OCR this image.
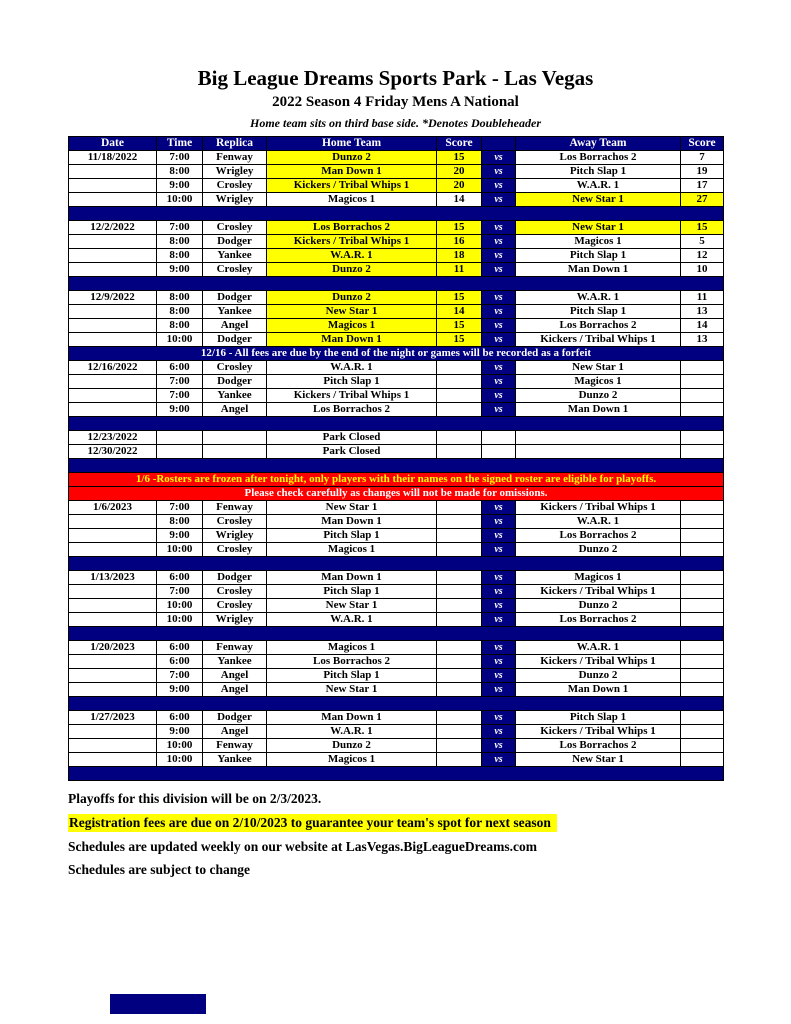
Big League Dreams Sports Park - Las Vegas
2022 Season 4 Friday Mens A National
Home team sits on third base side. *Denotes Doubleheader
Date	Time	Replica	Home Team	Score		Away Team	Score
11/18/2022	7:00	Fenway	Dunzo 2	15	vs	Los Borrachos 2	7
	8:00	Wrigley	Man Down 1	20	vs	Pitch Slap 1	19
	9:00	Crosley	Kickers / Tribal Whips 1	20	vs	W.A.R. 1	17
	10:00	Wrigley	Magicos 1	14	vs	New Star 1	27

12/2/2022	7:00	Crosley	Los Borrachos 2	15	vs	New Star 1	15
	8:00	Dodger	Kickers / Tribal Whips 1	16	vs	Magicos 1	5
	8:00	Yankee	W.A.R. 1	18	vs	Pitch Slap 1	12
	9:00	Crosley	Dunzo 2	11	vs	Man Down 1	10

12/9/2022	8:00	Dodger	Dunzo 2	15	vs	W.A.R. 1	11
	8:00	Yankee	New Star 1	14	vs	Pitch Slap 1	13
	8:00	Angel	Magicos 1	15	vs	Los Borrachos 2	14
	10:00	Dodger	Man Down 1	15	vs	Kickers / Tribal Whips 1	13
12/16 - All fees are due by the end of the night or games will be recorded as a forfeit							
12/16/2022	6:00	Crosley	W.A.R. 1		vs	New Star 1	
	7:00	Dodger	Pitch Slap 1		vs	Magicos 1	
	7:00	Yankee	Kickers / Tribal Whips 1		vs	Dunzo 2	
	9:00	Angel	Los Borrachos 2		vs	Man Down 1	

12/23/2022			Park Closed				
12/30/2022			Park Closed				

1/6 -Rosters are frozen after tonight, only players with their names on the signed roster are eligible for playoffs.							
Please check carefully as changes will not be made for omissions.							
1/6/2023	7:00	Fenway	New Star 1		vs	Kickers / Tribal Whips 1	
	8:00	Crosley	Man Down 1		vs	W.A.R. 1	
	9:00	Wrigley	Pitch Slap 1		vs	Los Borrachos 2	
	10:00	Crosley	Magicos 1		vs	Dunzo 2	

1/13/2023	6:00	Dodger	Man Down 1		vs	Magicos 1	
	7:00	Crosley	Pitch Slap 1		vs	Kickers / Tribal Whips 1	
	10:00	Crosley	New Star 1		vs	Dunzo 2	
	10:00	Wrigley	W.A.R. 1		vs	Los Borrachos 2	

1/20/2023	6:00	Fenway	Magicos 1		vs	W.A.R. 1	
	6:00	Yankee	Los Borrachos 2		vs	Kickers / Tribal Whips 1	
	7:00	Angel	Pitch Slap 1		vs	Dunzo 2	
	9:00	Angel	New Star 1		vs	Man Down 1	

1/27/2023	6:00	Dodger	Man Down 1		vs	Pitch Slap 1	
	9:00	Angel	W.A.R. 1		vs	Kickers / Tribal Whips 1	
	10:00	Fenway	Dunzo 2		vs	Los Borrachos 2	
	10:00	Yankee	Magicos 1		vs	New Star 1	

Playoffs for this division will be on 2/3/2023.
Registration fees are due on 2/10/2023 to guarantee your team's spot for next season
Schedules are updated weekly on our website at LasVegas.BigLeagueDreams.com
Schedules are subject to change
